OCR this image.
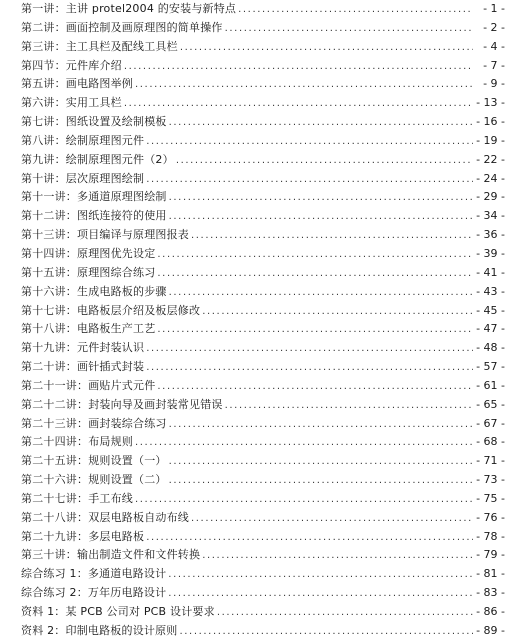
第一讲：主讲 protel2004 的安装与新特点 .....	- 1 -
第二讲：画面控制及画原理图的简单操作 .....	- 2 -
第三讲：主工具栏及配线工具栏 .....	- 4 -
第四节：元件库介绍 .....	- 7 -
第五讲：画电路图举例 .....	- 9 -
第六讲：实用工具栏 .....	- 13 -
第七讲：图纸设置及绘制模板 .....	- 16 -
第八讲：绘制原理图元件 .....	- 19 -
第九讲：绘制原理图元件（2） .....	- 22 -
第十讲：层次原理图绘制 .....	- 24 -
第十一讲：多通道原理图绘制 .....	- 29 -
第十二讲：图纸连接符的使用 .....	- 34 -
第十三讲：项目编译与原理图报表 .....	- 36 -
第十四讲：原理图优先设定 .....	- 39 -
第十五讲：原理图综合练习 .....	- 41 -
第十六讲：生成电路板的步骤 .....	- 43 -
第十七讲：电路板层介绍及板层修改 .....	- 45 -
第十八讲：电路板生产工艺 .....	- 47 -
第十九讲：元件封装认识 .....	- 48 -
第二十讲：画针插式封装 .....	- 57 -
第二十一讲：画贴片式元件 .....	- 61 -
第二十二讲：封装向导及画封装常见错误 .....	- 65 -
第二十三讲：画封装综合练习 .....	- 67 -
第二十四讲：布局规则 .....	- 68 -
第二十五讲：规则设置（一） .....	- 71 -
第二十六讲：规则设置（二） .....	- 73 -
第二十七讲：手工布线 .....	- 75 -
第二十八讲：双层电路板自动布线 .....	- 76 -
第二十九讲：多层电路板 .....	- 78 -
第三十讲：输出制造文件和文件转换 .....	- 79 -
综合练习 1：多通道电路设计 .....	- 81 -
综合练习 2：万年历电路设计 .....	- 83 -
资料 1：某 PCB 公司对 PCB 设计要求 .....	- 86 -
资料 2：印制电路板的设计原则 .....	- 89 -
